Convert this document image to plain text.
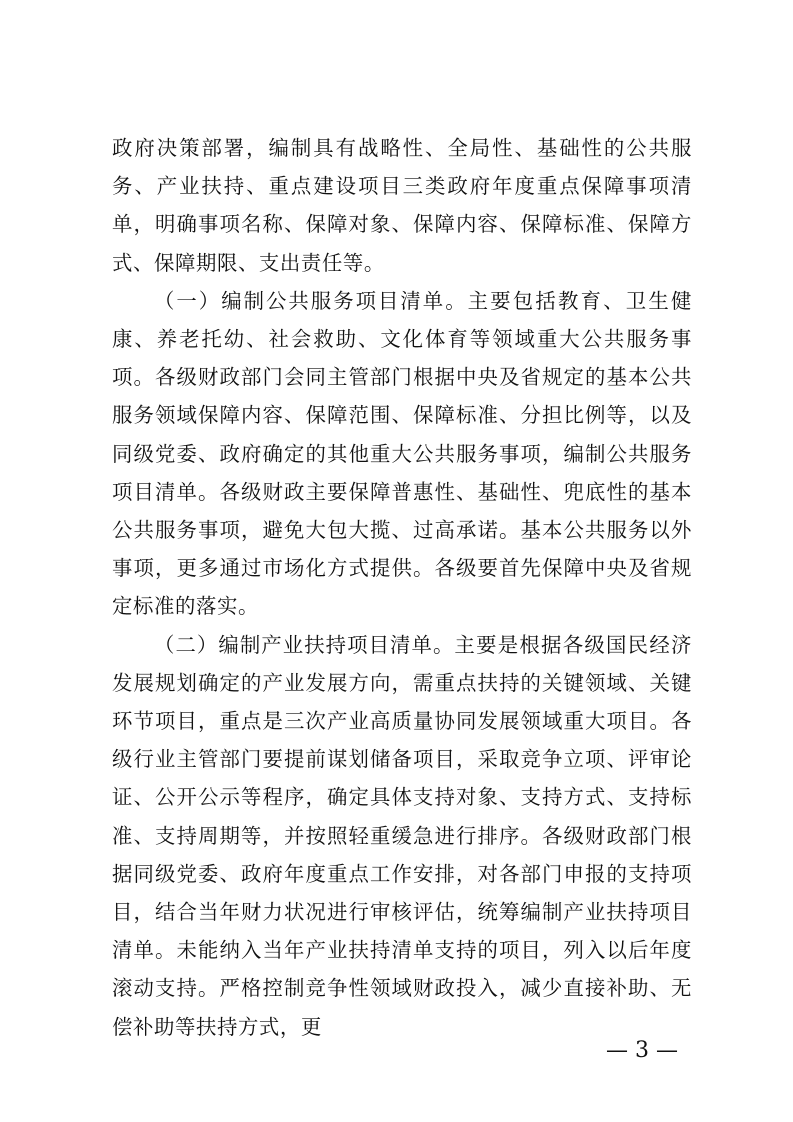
政府决策部署，编制具有战略性、全局性、基础性的公共服务、产业扶持、重点建设项目三类政府年度重点保障事项清单，明确事项名称、保障对象、保障内容、保障标准、保障方式、保障期限、支出责任等。

（一）编制公共服务项目清单。主要包括教育、卫生健康、养老托幼、社会救助、文化体育等领域重大公共服务事项。各级财政部门会同主管部门根据中央及省规定的基本公共服务领域保障内容、保障范围、保障标准、分担比例等，以及同级党委、政府确定的其他重大公共服务事项，编制公共服务项目清单。各级财政主要保障普惠性、基础性、兜底性的基本公共服务事项，避免大包大揽、过高承诺。基本公共服务以外事项，更多通过市场化方式提供。各级要首先保障中央及省规定标准的落实。

（二）编制产业扶持项目清单。主要是根据各级国民经济发展规划确定的产业发展方向，需重点扶持的关键领域、关键环节项目，重点是三次产业高质量协同发展领域重大项目。各级行业主管部门要提前谋划储备项目，采取竞争立项、评审论证、公开公示等程序，确定具体支持对象、支持方式、支持标准、支持周期等，并按照轻重缓急进行排序。各级财政部门根据同级党委、政府年度重点工作安排，对各部门申报的支持项目，结合当年财力状况进行审核评估，统筹编制产业扶持项目清单。未能纳入当年产业扶持清单支持的项目，列入以后年度滚动支持。严格控制竞争性领域财政投入，减少直接补助、无偿补助等扶持方式，更

— 3 —
